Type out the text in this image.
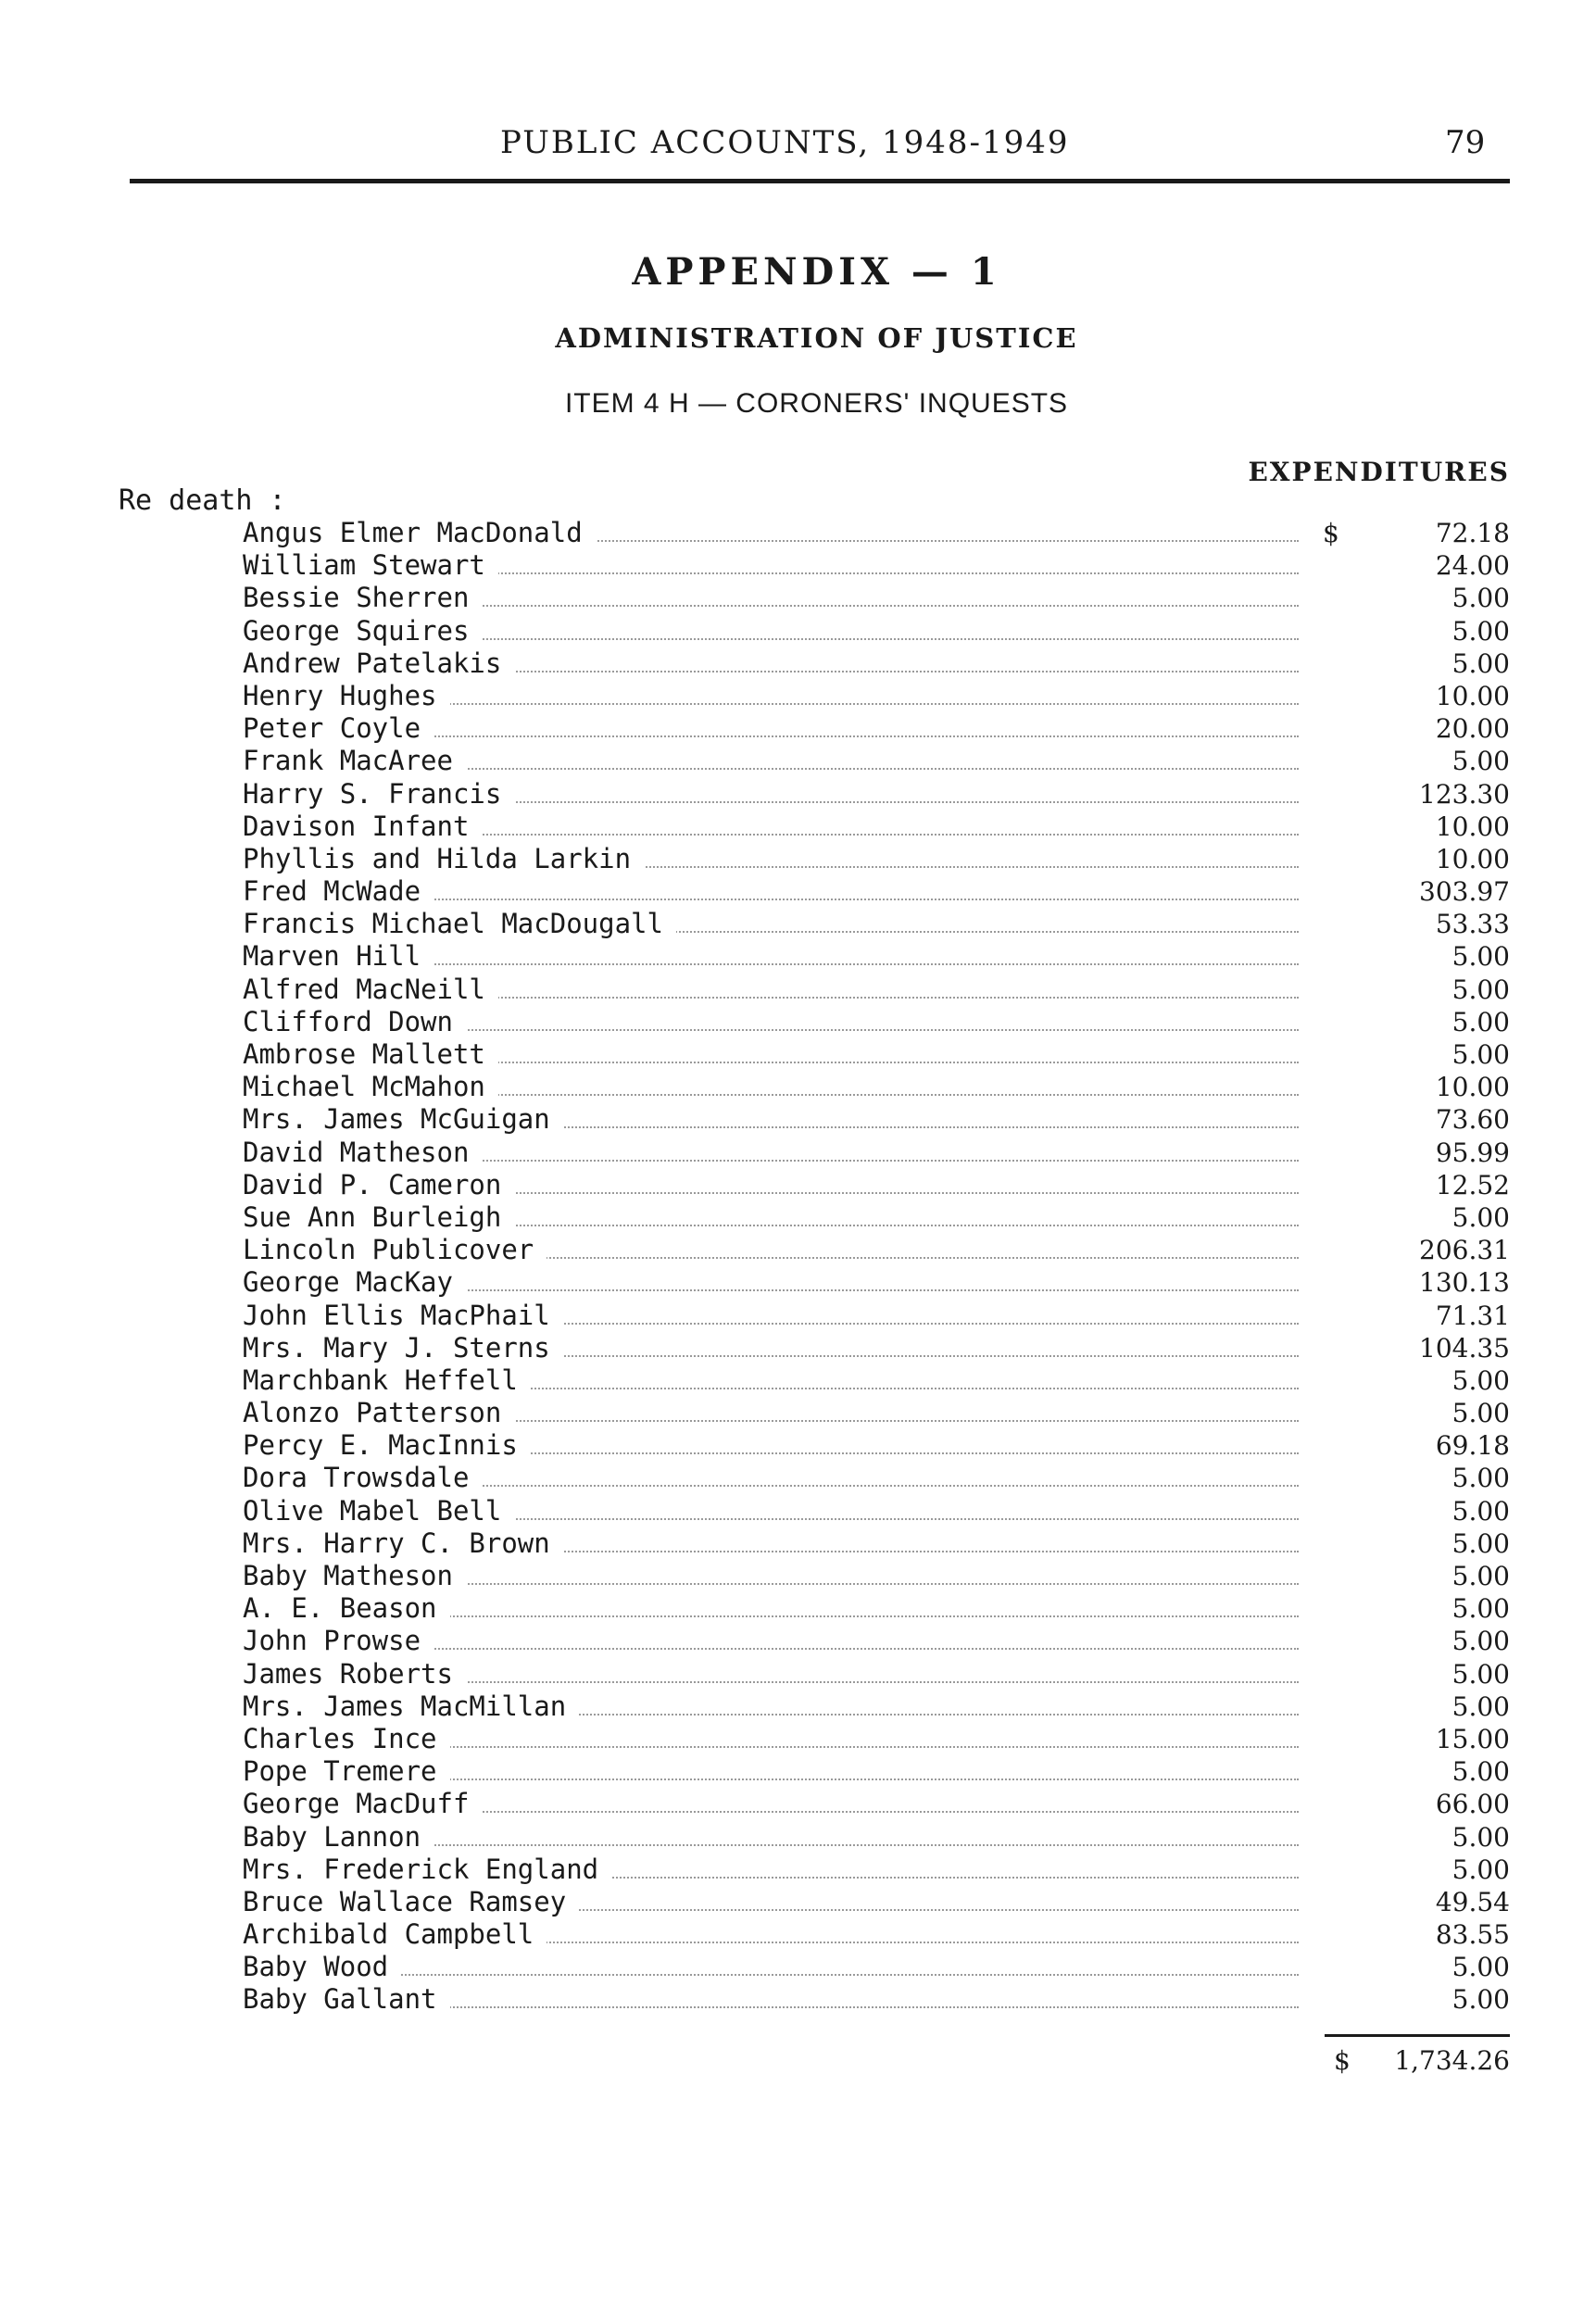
PUBLIC ACCOUNTS, 1948-1949	79
APPENDIX — 1
ADMINISTRATION OF JUSTICE
ITEM 4 H — CORONERS' INQUESTS
EXPENDITURES
Re death :
Angus Elmer MacDonald	$	72.18
William Stewart	24.00
Bessie Sherren	5.00
George Squires	5.00
Andrew Patelakis	5.00
Henry Hughes	10.00
Peter Coyle	20.00
Frank MacAree	5.00
Harry S. Francis	123.30
Davison Infant	10.00
Phyllis and Hilda Larkin	10.00
Fred McWade	303.97
Francis Michael MacDougall	53.33
Marven Hill	5.00
Alfred MacNeill	5.00
Clifford Down	5.00
Ambrose Mallett	5.00
Michael McMahon	10.00
Mrs. James McGuigan	73.60
David Matheson	95.99
David P. Cameron	12.52
Sue Ann Burleigh	5.00
Lincoln Publicover	206.31
George MacKay	130.13
John Ellis MacPhail	71.31
Mrs. Mary J. Sterns	104.35
Marchbank Heffell	5.00
Alonzo Patterson	5.00
Percy E. MacInnis	69.18
Dora Trowsdale	5.00
Olive Mabel Bell	5.00
Mrs. Harry C. Brown	5.00
Baby Matheson	5.00
A. E. Beason	5.00
John Prowse	5.00
James Roberts	5.00
Mrs. James MacMillan	5.00
Charles Ince	15.00
Pope Tremere	5.00
George MacDuff	66.00
Baby Lannon	5.00
Mrs. Frederick England	5.00
Bruce Wallace Ramsey	49.54
Archibald Campbell	83.55
Baby Wood	5.00
Baby Gallant	5.00
$	1,734.26
